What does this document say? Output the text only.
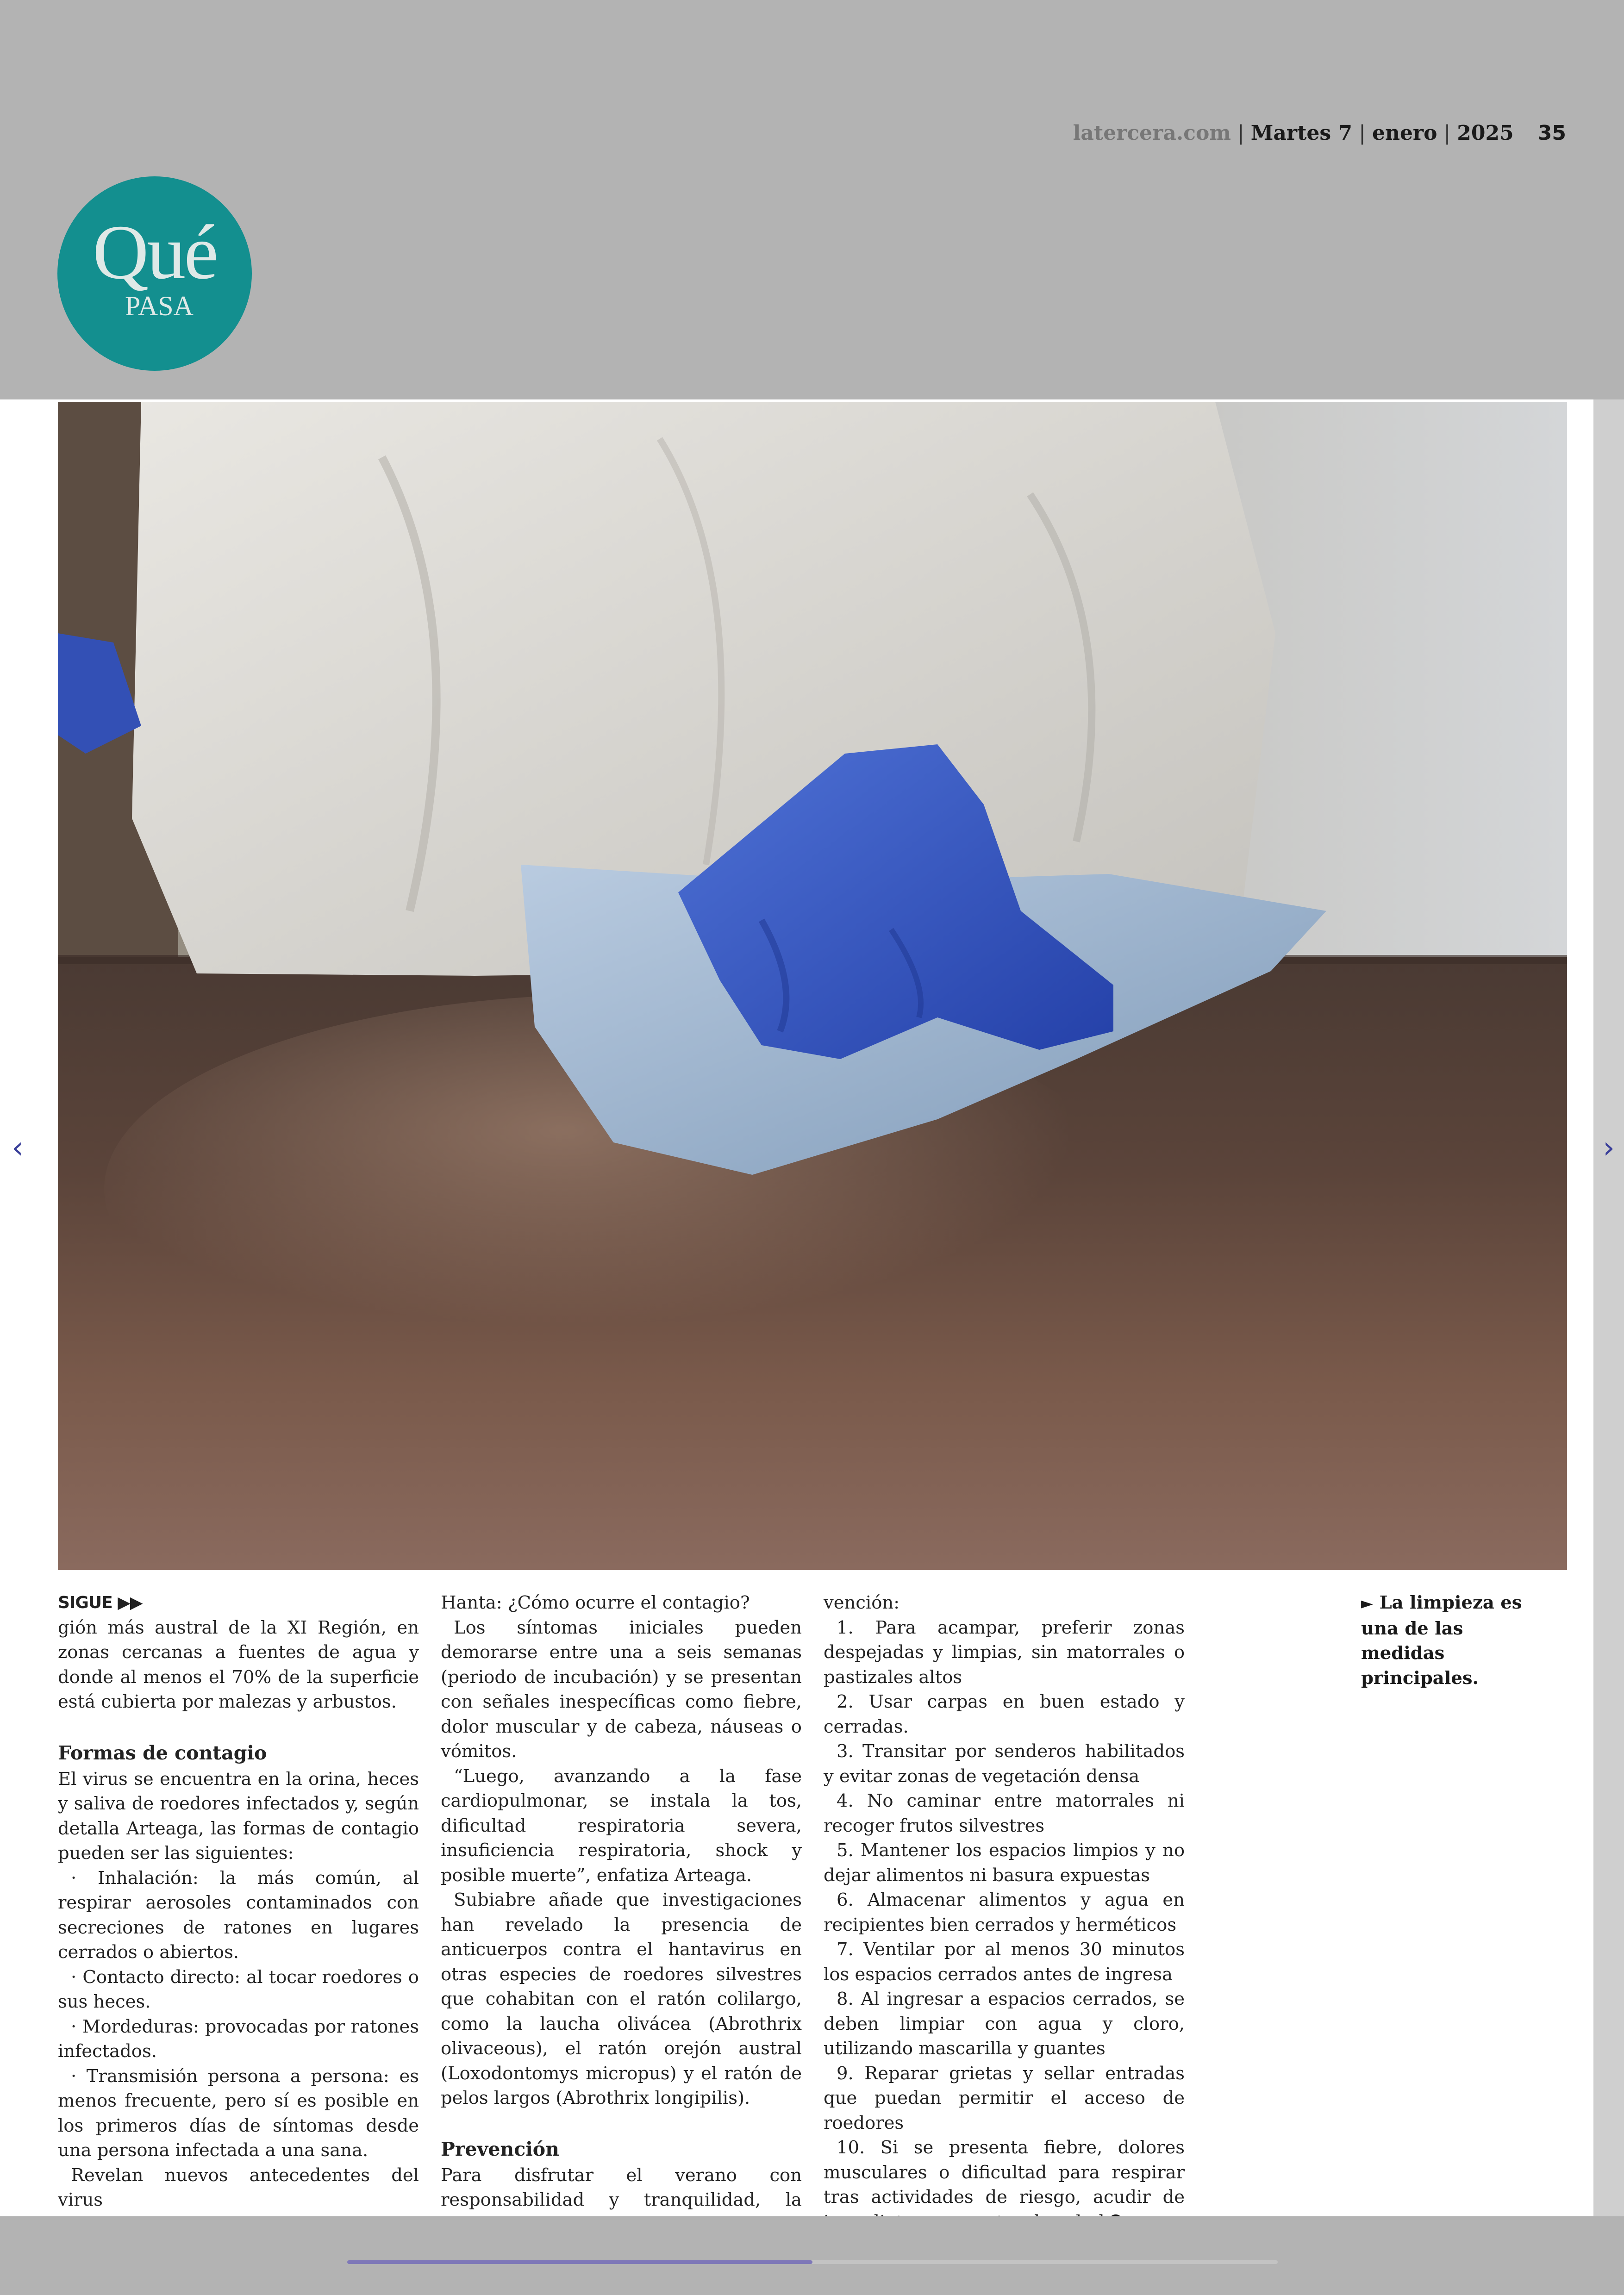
latercera.com | Martes 7 | enero | 2025 35
Qué
PASA
‹	›
SIGUE ▶▶

gión más austral de la XI Región, en zonas cercanas a fuentes de agua y donde al menos el 70% de la superficie está cubierta por malezas y arbustos.

Formas de contagio

El virus se encuentra en la orina, heces y saliva de roedores infectados y, según detalla Arteaga, las formas de contagio pueden ser las siguientes:

· Inhalación: la más común, al respirar aerosoles contaminados con secreciones de ratones en lugares cerrados o abiertos.

· Contacto directo: al tocar roedores o sus heces.

· Mordeduras: provocadas por ratones infectados.

· Transmisión persona a persona: es menos frecuente, pero sí es posible en los primeros días de síntomas desde una persona infectada a una sana.

Revelan nuevos antecedentes del virus

Hanta: ¿Cómo ocurre el contagio?

Los síntomas iniciales pueden demorarse entre una a seis semanas (periodo de incubación) y se presentan con señales inespecíficas como fiebre, dolor muscular y de cabeza, náuseas o vómitos.

“Luego, avanzando a la fase cardiopulmonar, se instala la tos, dificultad respiratoria severa, insuficiencia respiratoria, shock y posible muerte”, enfatiza Arteaga.

Subiabre añade que investigaciones han revelado la presencia de anticuerpos contra el hantavirus en otras especies de roedores silvestres que cohabitan con el ratón colilargo, como la laucha olivácea (Abrothrix olivaceous), el ratón orejón austral (Loxodontomys micropus) y el ratón de pelos largos (Abrothrix longipilis).

Prevención

Para disfrutar el verano con responsabilidad y tranquilidad, la

vención:

1. Para acampar, preferir zonas despejadas y limpias, sin matorrales o pastizales altos

2. Usar carpas en buen estado y cerradas.

3. Transitar por senderos habilitados y evitar zonas de vegetación densa

4. No caminar entre matorrales ni recoger frutos silvestres

5. Mantener los espacios limpios y no dejar alimentos ni basura expuestas

6. Almacenar alimentos y agua en recipientes bien cerrados y herméticos

7. Ventilar por al menos 30 minutos los espacios cerrados antes de ingresa

8. Al ingresar a espacios cerrados, se deben limpiar con agua y cloro, utilizando mascarilla y guantes

9. Reparar grietas y sellar entradas que puedan permitir el acceso de roedores

10. Si se presenta fiebre, dolores musculares o dificultad para respirar tras actividades de riesgo, acudir de

► La limpieza es una de las medidas principales.
